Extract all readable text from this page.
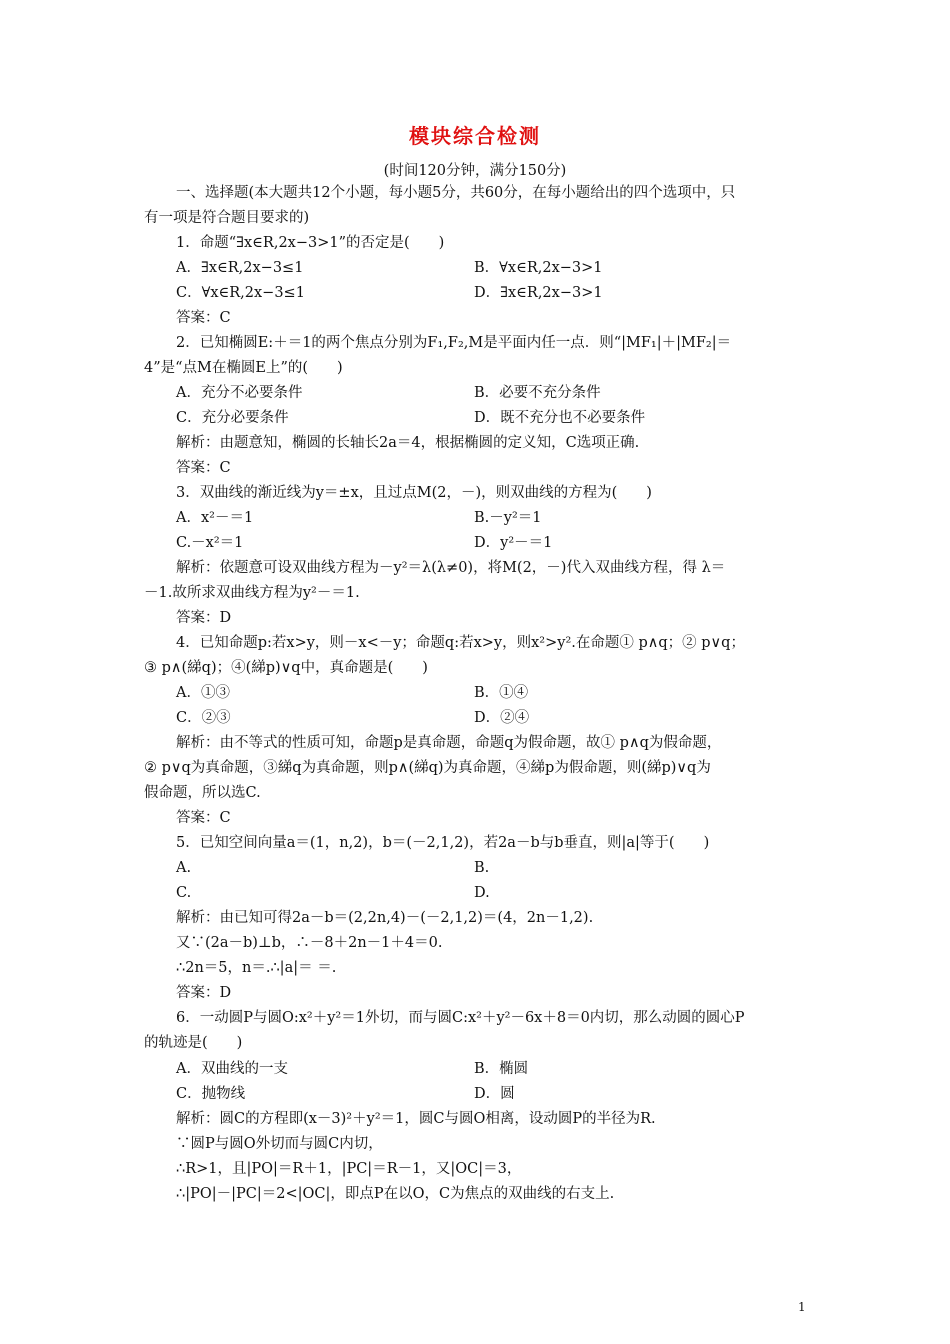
模块综合检测
(时间120分钟，满分150分)
一、选择题(本大题共12个小题，每小题5分，共60分，在每小题给出的四个选项中，只
有一项是符合题目要求的)
1．命题“∃x∈R,2x−3>1”的否定是(　　)
A．∃x∈R,2x−3≤1	B．∀x∈R,2x−3>1
C．∀x∈R,2x−3≤1	D．∃x∈R,2x−3>1
答案：C
2．已知椭圆E:＋＝1的两个焦点分别为F₁,F₂,M是平面内任一点．则“|MF₁|＋|MF₂|＝
4”是“点M在椭圆E上”的(　　)
A．充分不必要条件	B．必要不充分条件
C．充分必要条件	D．既不充分也不必要条件
解析：由题意知，椭圆的长轴长2a＝4，根据椭圆的定义知，C选项正确.
答案：C
3．双曲线的渐近线为y＝±x，且过点M(2，－)，则双曲线的方程为(　　)
A．x²－＝1	B.－y²＝1
C.－x²＝1	D．y²－＝1
解析：依题意可设双曲线方程为－y²＝λ(λ≠0)，将M(2，－)代入双曲线方程，得 λ＝
－1.故所求双曲线方程为y²－＝1.
答案：D
4．已知命题p:若x>y，则－x<－y；命题q:若x>y，则x²>y².在命题① p∧q；② p∨q；
③ p∧(綈q)；④(綈p)∨q中，真命题是(　　)
A．①③	B．①④
C．②③	D．②④
解析：由不等式的性质可知，命题p是真命题，命题q为假命题，故① p∧q为假命题，
② p∨q为真命题，③綈q为真命题，则p∧(綈q)为真命题，④綈p为假命题，则(綈p)∨q为
假命题，所以选C.
答案：C
5．已知空间向量a＝(1，n,2)，b＝(－2,1,2)，若2a－b与b垂直，则|a|等于(　　)
A.	B.
C.	D.
解析：由已知可得2a－b＝(2,2n,4)－(－2,1,2)＝(4，2n－1,2).
又∵(2a－b)⊥b，∴－8＋2n－1＋4＝0.
∴2n＝5，n＝.∴|a|＝ ＝.
答案：D
6．一动圆P与圆O:x²＋y²＝1外切，而与圆C:x²＋y²－6x＋8＝0内切，那么动圆的圆心P
的轨迹是(　　)
A．双曲线的一支	B．椭圆
C．抛物线	D．圆
解析：圆C的方程即(x－3)²＋y²＝1，圆C与圆O相离，设动圆P的半径为R.
∵圆P与圆O外切而与圆C内切，
∴R>1，且|PO|＝R＋1，|PC|＝R－1，又|OC|＝3，
∴|PO|－|PC|＝2<|OC|，即点P在以O，C为焦点的双曲线的右支上.
1
